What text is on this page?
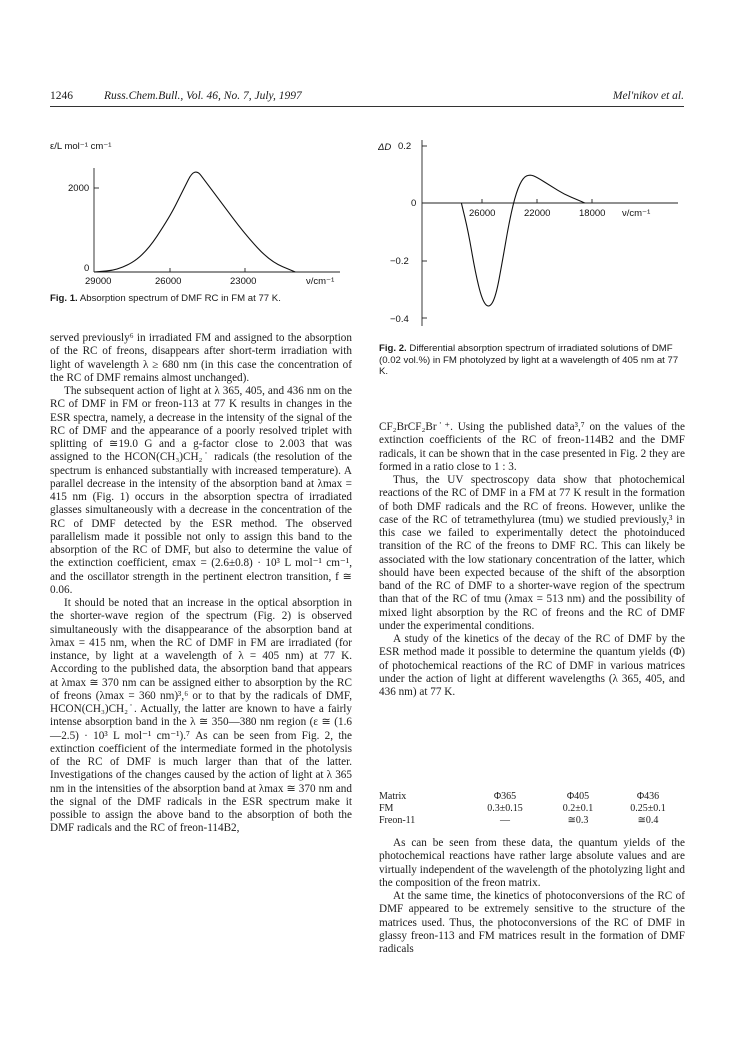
1246	Russ.Chem.Bull., Vol. 46, No. 7, July, 1997	Mel'nikov et al.
ε/L mol⁻¹ cm⁻¹
2000
0
29000	26000	23000	ν/cm⁻¹
Fig. 1. Absorption spectrum of DMF RC in FM at 77 K.
ΔD 0.2
0
−0.2
−0.4
26000	22000	18000 ν/cm⁻¹
Fig. 2. Differential absorption spectrum of irradiated solutions of DMF (0.02 vol.%) in FM photolyzed by light at a wavelength of 405 nm at 77 K.

served previously⁶ in irradiated FM and assigned to the absorption of the RC of freons, disappears after short-term irradiation with light of wavelength λ ≥ 680 nm (in this case the concentration of the RC of DMF remains almost unchanged).

The subsequent action of light at λ 365, 405, and 436 nm on the RC of DMF in FM or freon-113 at 77 K results in changes in the ESR spectra, namely, a decrease in the intensity of the signal of the RC of DMF and the appearance of a poorly resolved triplet with splitting of ≅19.0 G and a g-factor close to 2.003 that was assigned to the HCON(CH₃)CH₂˙ radicals (the resolution of the spectrum is enhanced substantially with increased temperature). A parallel decrease in the intensity of the absorption band at λmax = 415 nm (Fig. 1) occurs in the absorption spectra of irradiated glasses simultaneously with a decrease in the concentration of the RC of DMF detected by the ESR method. The observed parallelism made it possible not only to assign this band to the absorption of the RC of DMF, but also to determine the value of the extinction coefficient, εmax = (2.6±0.8) · 10³ L mol⁻¹ cm⁻¹, and the oscillator strength in the pertinent electron transition, f ≅ 0.06.

It should be noted that an increase in the optical absorption in the shorter-wave region of the spectrum (Fig. 2) is observed simultaneously with the disappearance of the absorption band at λmax = 415 nm, when the RC of DMF in FM are irradiated (for instance, by light at a wavelength of λ = 405 nm) at 77 K. According to the published data, the absorption band that appears at λmax ≅ 370 nm can be assigned either to absorption by the RC of freons (λmax = 360 nm)³,⁶ or to that by the radicals of DMF, HCON(CH₃)CH₂˙. Actually, the latter are known to have a fairly intense absorption band in the λ ≅ 350—380 nm region (ε ≅ (1.6—2.5) · 10³ L mol⁻¹ cm⁻¹).⁷ As can be seen from Fig. 2, the extinction coefficient of the intermediate formed in the photolysis of the RC of DMF is much larger than that of the latter. Investigations of the changes caused by the action of light at λ 365 nm in the intensities of the absorption band at λmax ≅ 370 nm and the signal of the DMF radicals in the ESR spectrum make it possible to assign the above band to the absorption of both the DMF radicals and the RC of freon-114B2,

CF₂BrCF₂Br˙⁺. Using the published data³,⁷ on the values of the extinction coefficients of the RC of freon-114B2 and the DMF radicals, it can be shown that in the case presented in Fig. 2 they are formed in a ratio close to 1 : 3.

Thus, the UV spectroscopy data show that photochemical reactions of the RC of DMF in a FM at 77 K result in the formation of both DMF radicals and the RC of freons. However, unlike the case of the RC of tetramethylurea (tmu) we studied previously,³ in this case we failed to experimentally detect the photoinduced transition of the RC of the freons to DMF RC. This can likely be associated with the low stationary concentration of the latter, which should have been expected because of the shift of the absorption band of the RC of DMF to a shorter-wave region of the spectrum than that of the RC of tmu (λmax = 513 nm) and the possibility of mixed light absorption by the RC of freons and the RC of DMF under the experimental conditions.

A study of the kinetics of the decay of the RC of DMF by the ESR method made it possible to determine the quantum yields (Φ) of photochemical reactions of the RC of DMF in various matrices under the action of light at different wavelengths (λ 365, 405, and 436 nm) at 77 K.

Matrix	Φ365	Φ405	Φ436
FM	0.3±0.15	0.2±0.1	0.25±0.1
Freon-11	—	≅0.3	≅0.4

As can be seen from these data, the quantum yields of the photochemical reactions have rather large absolute values and are virtually independent of the wavelength of the photolyzing light and the composition of the freon matrix.

At the same time, the kinetics of photoconversions of the RC of DMF appeared to be extremely sensitive to the structure of the matrices used. Thus, the photoconversions of the RC of DMF in glassy freon-113 and FM matrices result in the formation of DMF radicals
